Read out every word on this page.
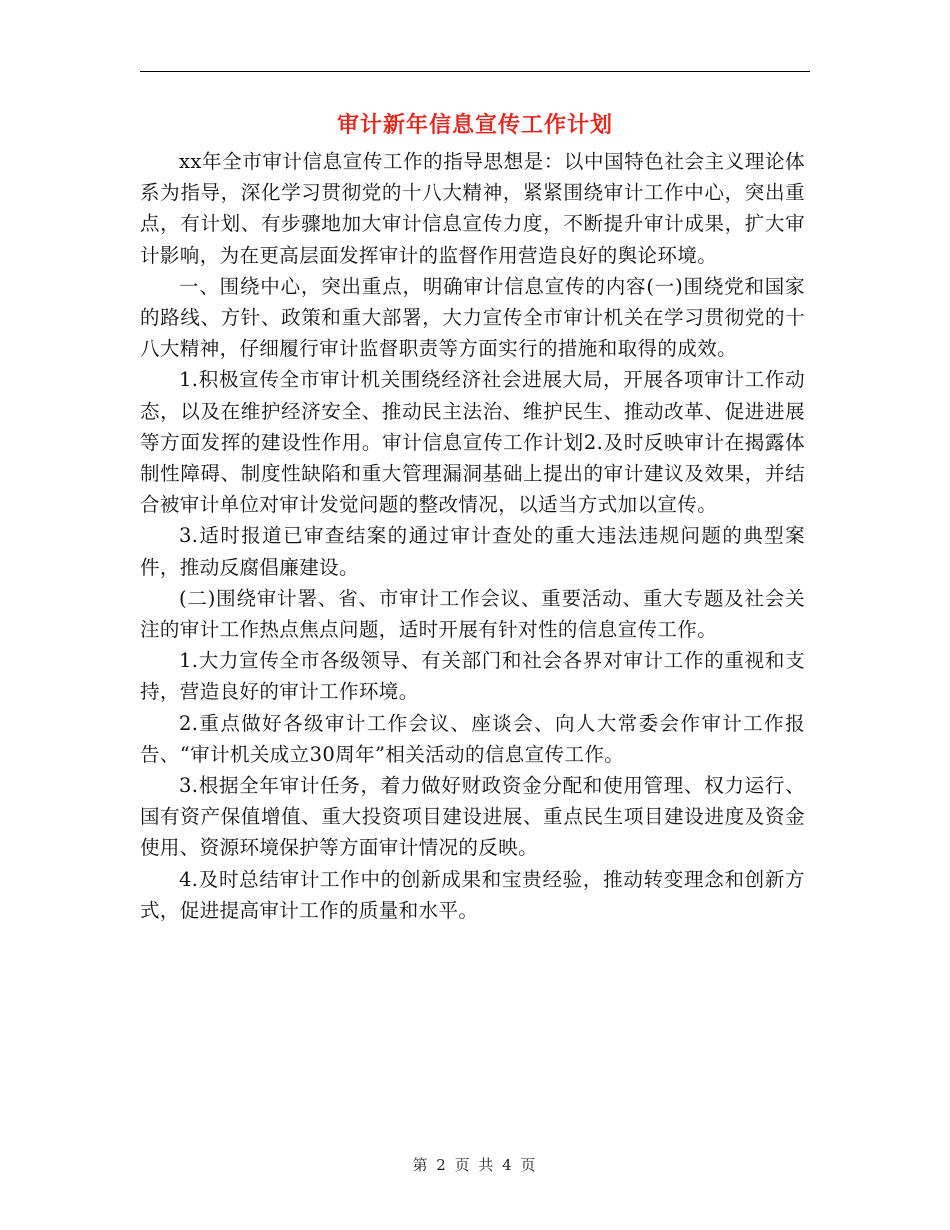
审计新年信息宣传工作计划

xx年全市审计信息宣传工作的指导思想是：以中国特色社会主义理论体系为指导，深化学习贯彻党的十八大精神，紧紧围绕审计工作中心，突出重 点，有计划、有步骤地加大审计信息宣传力度，不断提升审计成果，扩大审计影响，为在更高层面发挥审计的监督作用营造良好的舆论环境。

一、围绕中心，突出重点，明确审计信息宣传的内容(一)围绕党和国家的路线、方针、政策和重大部署，大力宣传全市审计机关在学习贯彻党的十八大精神，仔细履行审计监督职责等方面实行的措施和取得的成效。

1.积极宣传全市审计机关围绕经济社会进展大局，开展各项审计工作动态，以及在维护经济安全、推动民主法治、维护民生、推动改革、促进进展等方面发挥的建设性作用。审计信息宣传工作计划2.及时反映审计在揭露体制性障碍、制度性缺陷和重大管理漏洞基础上提出的审计建议及效果，并结合被审计单位对审计发觉问题的整改情况，以适当方式加以宣传。

3.适时报道已审查结案的通过审计查处的重大违法违规问题的典型案件，推动反腐倡廉建设。

(二)围绕审计署、省、市审计工作会议、重要活动、重大专题及社会关注的审计工作热点焦点问题，适时开展有针对性的信息宣传工作。

1.大力宣传全市各级领导、有关部门和社会各界对审计工作的重视和支持，营造良好的审计工作环境。

2.重点做好各级审计工作会议、座谈会、向人大常委会作审计工作报告、“审计机关成立30周年”相关活动的信息宣传工作。

3.根据全年审计任务，着力做好财政资金分配和使用管理、权力运行、国有资产保值增值、重大投资项目建设进展、重点民生项目建设进度及资金使用、资源环境保护等方面审计情况的反映。

4.及时总结审计工作中的创新成果和宝贵经验，推动转变理念和创新方式，促进提高审计工作的质量和水平。

第 2 页 共 4 页
